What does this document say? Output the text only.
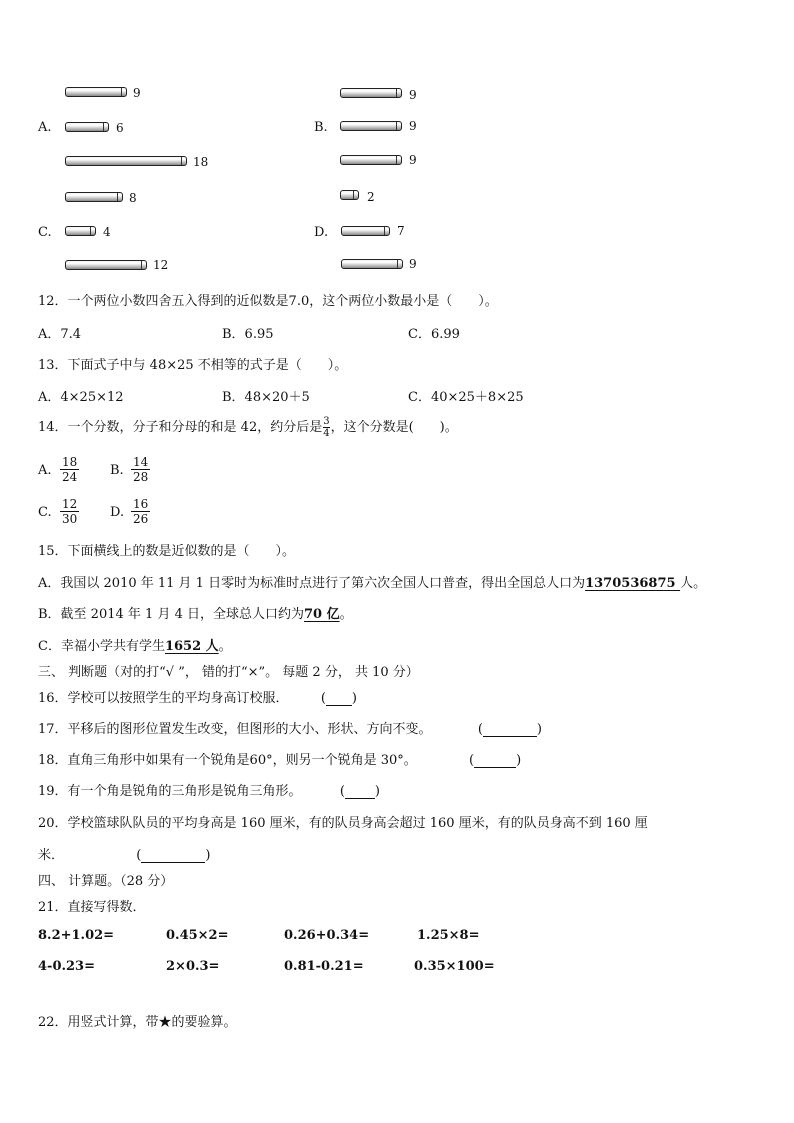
A.
9
6
18
B.
9
9
9
8
C.	4
12
2
D.	7
9
12．一个两位小数四舍五入得到的近似数是7.0，这个两位小数最小是（　　）。
A．7.4	B．6.95	C．6.99
13．下面式子中与 48×25 不相等的式子是（　　）。
A．4×25×12	B．48×20＋5	C．40×25＋8×25
14．一个分数，分子和分母的和是 42，约分后是 $\frac{3}{4}$ ，这个分数是(　　)。
A. $\frac{18}{24} B$. $\frac{14}{28}$
C. $\frac{12}{30} D$. $\frac{16}{26}$
15．下面横线上的数是近似数的是（　　）。
A．我国以 2010 年 11 月 1 日零时为标准时点进行了第六次全国人口普查，得出全国总人口为1370536875 人。
B．截至 2014 年 1 月 4 日，全球总人口约为70 亿。
C．幸福小学共有学生1652 人。
三、 判断题（对的打“√ ”， 错的打“×”。 每题 2 分， 共 10 分）
16．学校可以按照学生的平均身高订校服． ( )
17．平移后的图形位置发生改变，但图形的大小、形状、方向不变。	(	)
18．直角三角形中如果有一个锐角是60°，则另一个锐角是 30°。	(	)
19．有一个角是锐角的三角形是锐角三角形。	( )
20．学校篮球队队员的平均身高是 160 厘米，有的队员身高会超过 160 厘米，有的队员身高不到 160 厘
米．	(	)
四、 计算题。（28 分）
21．直接写得数．
8.2+1.02=	0.45×2=	0.26+0.34=	1.25×8=
4-0.23=	2×0.3=	0.81-0.21=	0.35×100=
22．用竖式计算，带★的要验算。
